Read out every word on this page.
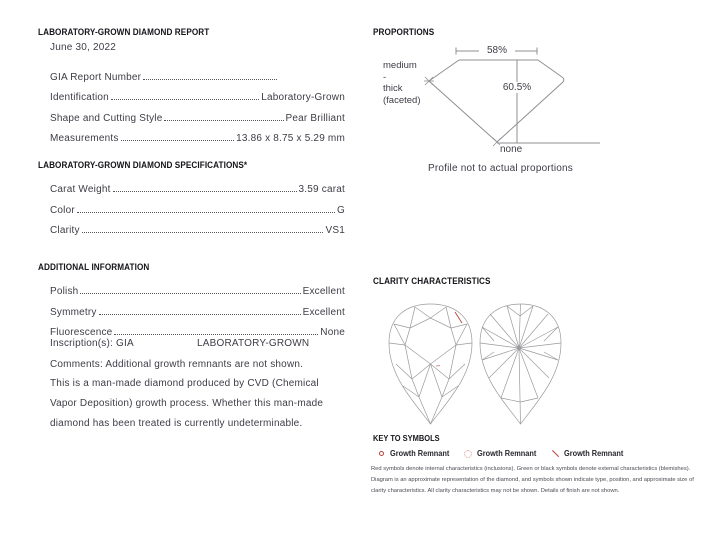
LABORATORY-GROWN DIAMOND REPORT
June 30, 2022
GIA Report Number
Identification	Laboratory-Grown
Shape and Cutting Style	Pear Brilliant
Measurements	13.86 x 8.75 x 5.29 mm
LABORATORY-GROWN DIAMOND SPECIFICATIONS*
Carat Weight	3.59 carat
Color	G
Clarity	VS1
ADDITIONAL INFORMATION
Polish	Excellent
Symmetry	Excellent
Fluorescence	None
Inscription(s): GIA	LABORATORY-GROWN
Comments: Additional growth remnants are not shown.
This is a man-made diamond produced by CVD (Chemical
Vapor Deposition) growth process. Whether this man-made
diamond has been treated is currently undeterminable.
PROPORTIONS
58%
60.5%
none
medium
-
thick
(faceted)
Profile not to actual proportions
CLARITY CHARACTERISTICS
KEY TO SYMBOLS
Growth Remnant	Growth Remnant	Growth Remnant
Red symbols denote internal characteristics (inclusions). Green or black symbols denote external characteristics (blemishes).
Diagram is an approximate representation of the diamond, and symbols shown indicate type, position, and approximate size of
clarity characteristics. All clarity characteristics may not be shown. Details of finish are not shown.
